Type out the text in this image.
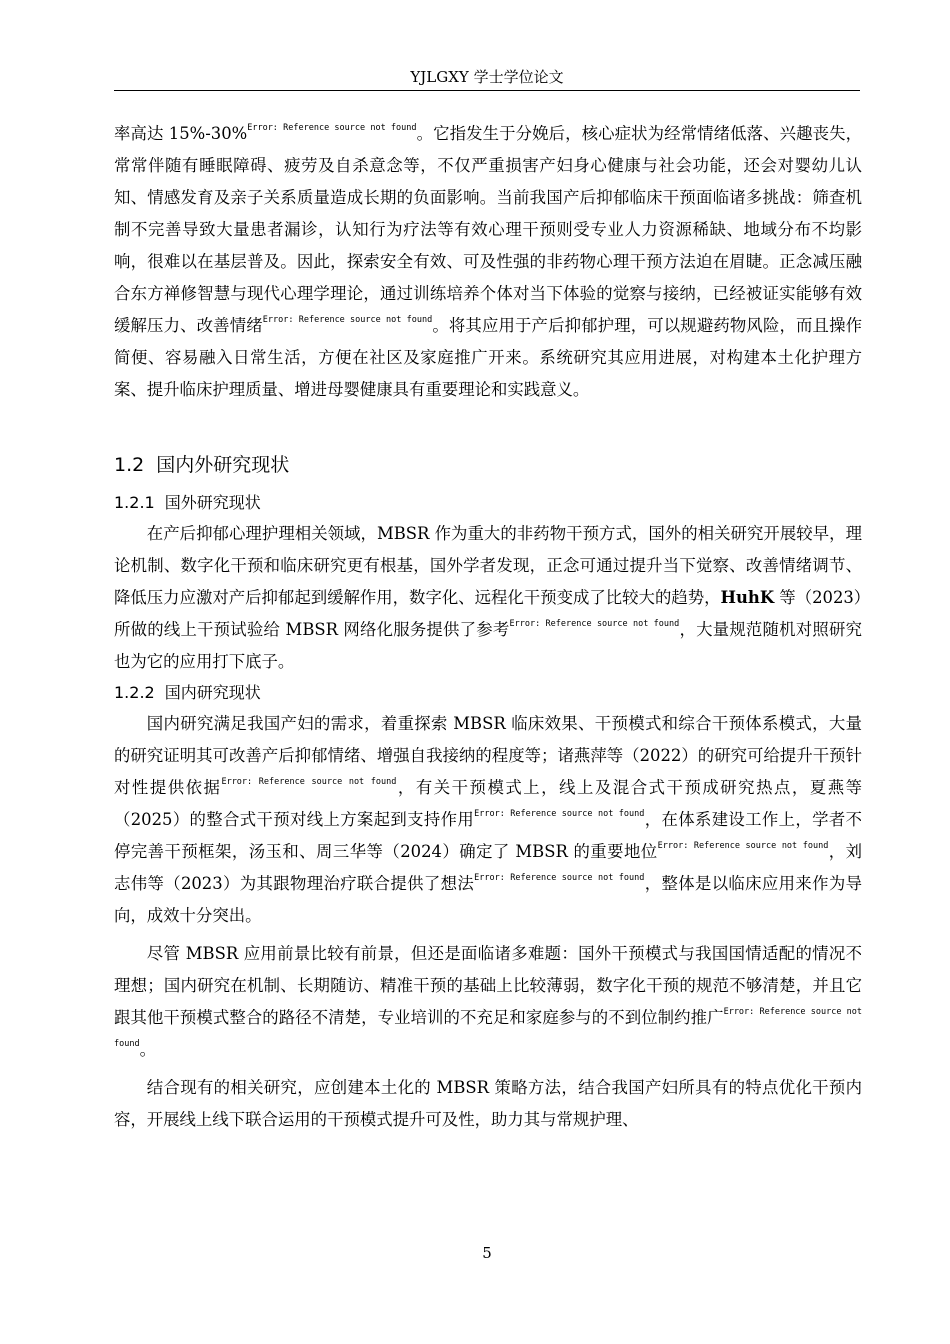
YJLGXY 学士学位论文

率高达 15%-30%$^{Error: Reference source not found}$。它指发生于分娩后，核心症状为经常情绪低落、兴趣丧失，常常伴随有睡眠障碍、疲劳及自杀意念等，不仅严重损害产妇身心健康与社会功能，还会对婴幼儿认知、情感发育及亲子关系质量造成长期的负面影响。当前我国产后抑郁临床干预面临诸多挑战：筛查机制不完善导致大量患者漏诊，认知行为疗法等有效心理干预则受专业人力资源稀缺、地域分布不均影响，很难以在基层普及。因此，探索安全有效、可及性强的非药物心理干预方法迫在眉睫。正念减压融合东方禅修智慧与现代心理学理论，通过训练培养个体对当下体验的觉察与接纳，已经被证实能够有效缓解压力、改善情绪$^{Error: Reference source not found}$。将其应用于产后抑郁护理，可以规避药物风险，而且操作简便、容易融入日常生活，方便在社区及家庭推广开来。系统研究其应用进展，对构建本土化护理方案、提升临床护理质量、增进母婴健康具有重要理论和实践意义。

1.2 国内外研究现状
1.2.1 国外研究现状

在产后抑郁心理护理相关领域，MBSR 作为重大的非药物干预方式，国外的相关研究开展较早，理论机制、数字化干预和临床研究更有根基，国外学者发现，正念可通过提升当下觉察、改善情绪调节、降低压力应激对产后抑郁起到缓解作用，数字化、远程化干预变成了比较大的趋势，HuhK 等（2023）所做的线上干预试验给 MBSR 网络化服务提供了参考$^{Error: Reference source not found}$，大量规范随机对照研究也为它的应用打下底子。

1.2.2 国内研究现状

国内研究满足我国产妇的需求，着重探索 MBSR 临床效果、干预模式和综合干预体系模式，大量的研究证明其可改善产后抑郁情绪、增强自我接纳的程度等；诸燕萍等（2022）的研究可给提升干预针对性提供依据$^{Error: Reference source not found}$，有关干预模式上，线上及混合式干预成研究热点，夏燕等（2025）的整合式干预对线上方案起到支持作用$^{Error: Reference source not found}$，在体系建设工作上，学者不停完善干预框架，汤玉和、周三华等（2024）确定了 MBSR 的重要地位$^{Error: Reference source not found}$，刘志伟等（2023）为其跟物理治疗联合提供了想法$^{Error: Reference source not found}$，整体是以临床应用来作为导向，成效十分突出。

尽管 MBSR 应用前景比较有前景，但还是面临诸多难题：国外干预模式与我国国情适配的情况不理想；国内研究在机制、长期随访、精准干预的基础上比较薄弱，数字化干预的规范不够清楚，并且它跟其他干预模式整合的路径不清楚，专业培训的不充足和家庭参与的不到位制约推广$^{Error: Reference source not found}$。

结合现有的相关研究，应创建本土化的 MBSR 策略方法，结合我国产妇所具有的特点优化干预内容，开展线上线下联合运用的干预模式提升可及性，助力其与常规护理、

5
